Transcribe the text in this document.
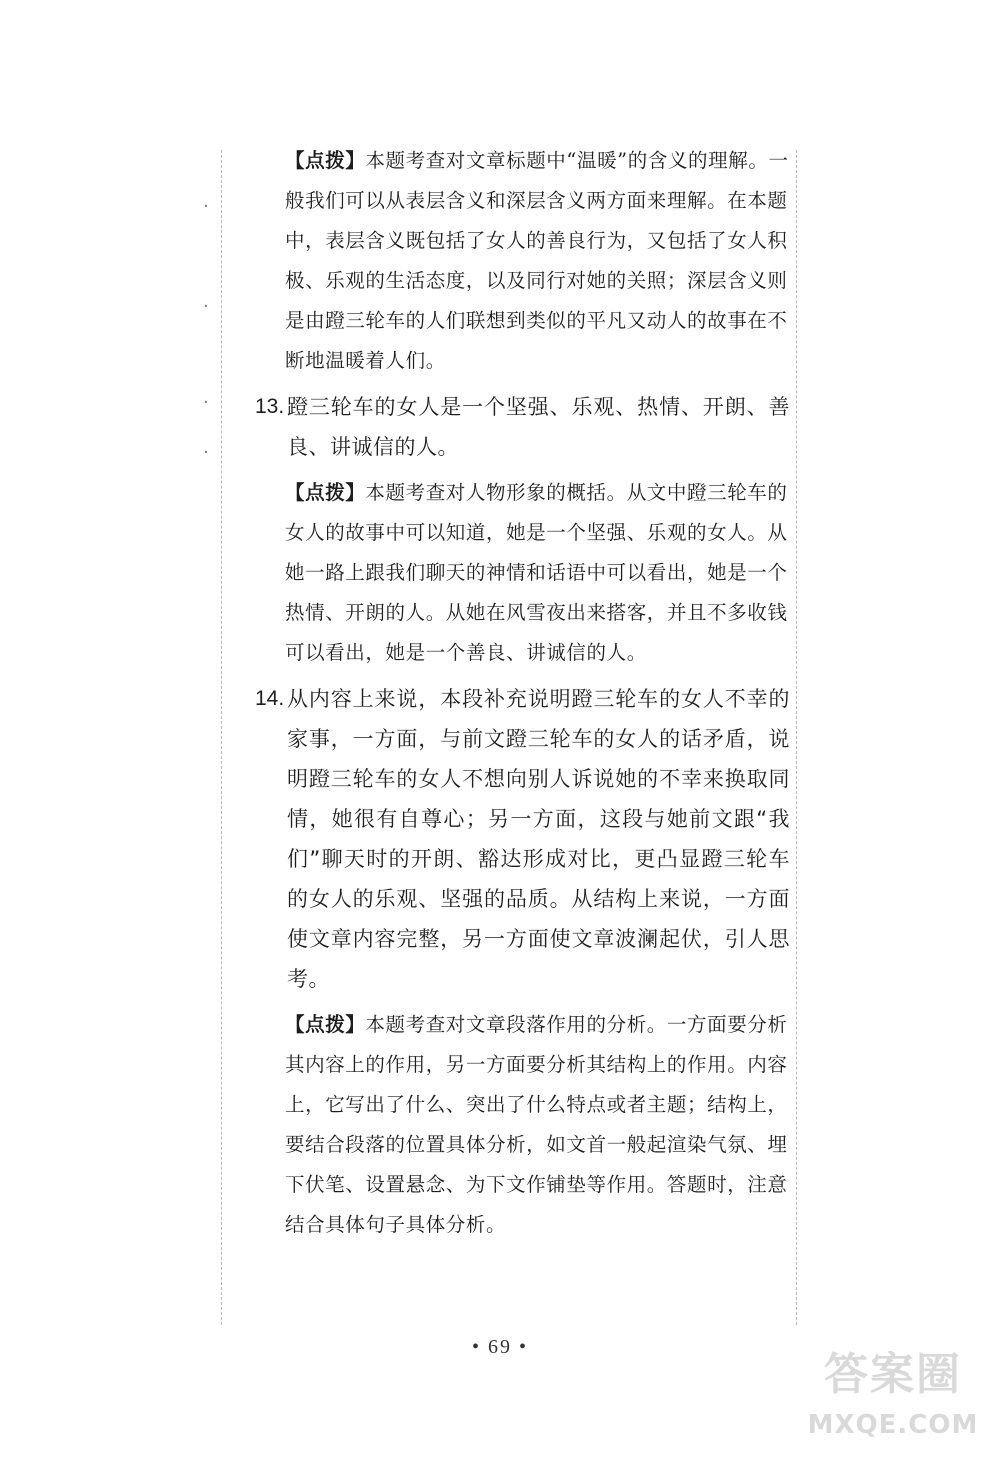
·
·
·
·

【点拨】本题考查对文章标题中“温暖”的含义的理解。一般我们可以从表层含义和深层含义两方面来理解。在本题中，表层含义既包括了女人的善良行为，又包括了女人积极、乐观的生活态度，以及同行对她的关照；深层含义则是由蹬三轮车的人们联想到类似的平凡又动人的故事在不断地温暖着人们。

13. 蹬三轮车的女人是一个坚强、乐观、热情、开朗、善良、讲诚信的人。

【点拨】本题考查对人物形象的概括。从文中蹬三轮车的女人的故事中可以知道，她是一个坚强、乐观的女人。从她一路上跟我们聊天的神情和话语中可以看出，她是一个热情、开朗的人。从她在风雪夜出来搭客，并且不多收钱可以看出，她是一个善良、讲诚信的人。

14. 从内容上来说，本段补充说明蹬三轮车的女人不幸的家事，一方面，与前文蹬三轮车的女人的话矛盾，说明蹬三轮车的女人不想向别人诉说她的不幸来换取同情，她很有自尊心；另一方面，这段与她前文跟“我们”聊天时的开朗、豁达形成对比，更凸显蹬三轮车的女人的乐观、坚强的品质。从结构上来说，一方面使文章内容完整，另一方面使文章波澜起伏，引人思考。

【点拨】本题考查对文章段落作用的分析。一方面要分析其内容上的作用，另一方面要分析其结构上的作用。内容上，它写出了什么、突出了什么特点或者主题；结构上，要结合段落的位置具体分析，如文首一般起渲染气氛、埋下伏笔、设置悬念、为下文作铺垫等作用。答题时，注意结合具体句子具体分析。

• 69 •
答案圈
MXQE.COM
